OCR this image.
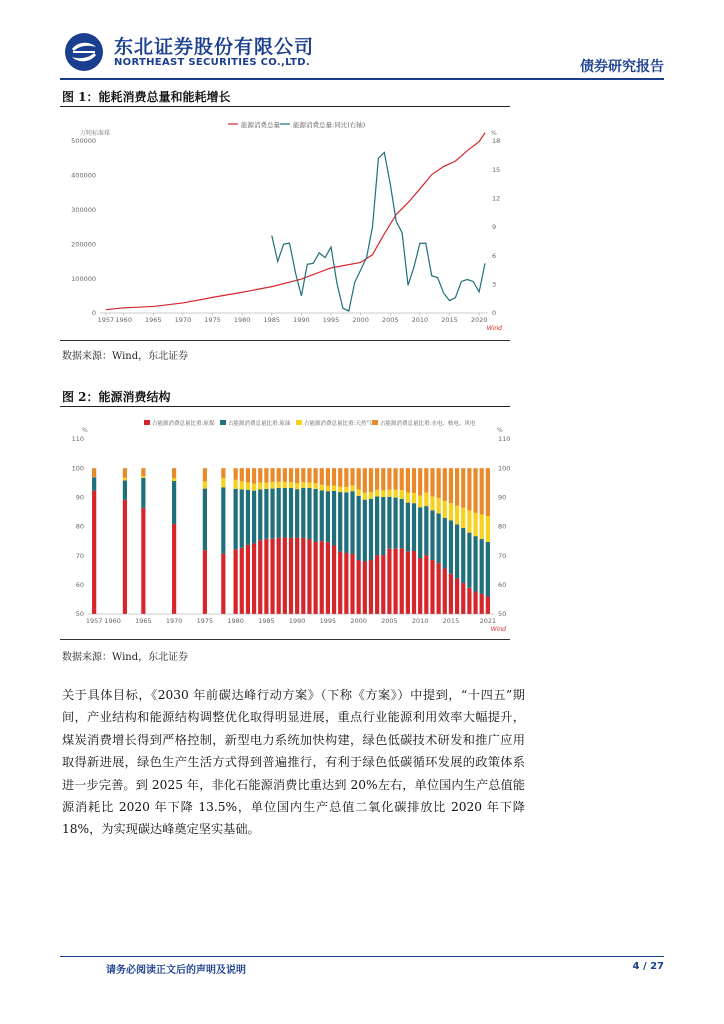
东北证券股份有限公司
NORTHEAST SECURITIES CO.,LTD.	债券研究报告
图 1：能耗消费总量和能耗增长
能源消费总量 能源消费总量:同比(右轴)
万吨标准煤	%
0
100000
200000
300000
400000
500000
0
3
6
9
12
15
18
1957 1960 1965 1970 1975 1980 1985 1990 1995 2000 2005 2010 2015 2020
Wind
数据来源：Wind，东北证券
图 2：能源消费结构
占能源消费总量比重:原煤 占能源消费总量比重:原油 占能源消费总量比重:天然气 占能源消费总量比重:水电、核电、风电
%	%
50	50
60	60
70	70
80	80
90	90
100	100
110	110
1957 1960 1965 1970 1975 1980 1985 1990 1995 2000 2005 2010 2015	2021
Wind
数据来源：Wind，东北证券
关于具体目标，《2030 年前碳达峰行动方案》（下称《方案》）中提到，“十四五”期间，产业结构和能源结构调整优化取得明显进展，重点行业能源利用效率大幅提升，煤炭消费增长得到严格控制，新型电力系统加快构建，绿色低碳技术研发和推广应用取得新进展，绿色生产生活方式得到普遍推行，有利于绿色低碳循环发展的政策体系进一步完善。到 2025 年，非化石能源消费比重达到 20%左右，单位国内生产总值能源消耗比 2020 年下降 13.5%，单位国内生产总值二氧化碳排放比 2020 年下降 18%，为实现碳达峰奠定坚实基础。
请务必阅读正文后的声明及说明	4 / 27
